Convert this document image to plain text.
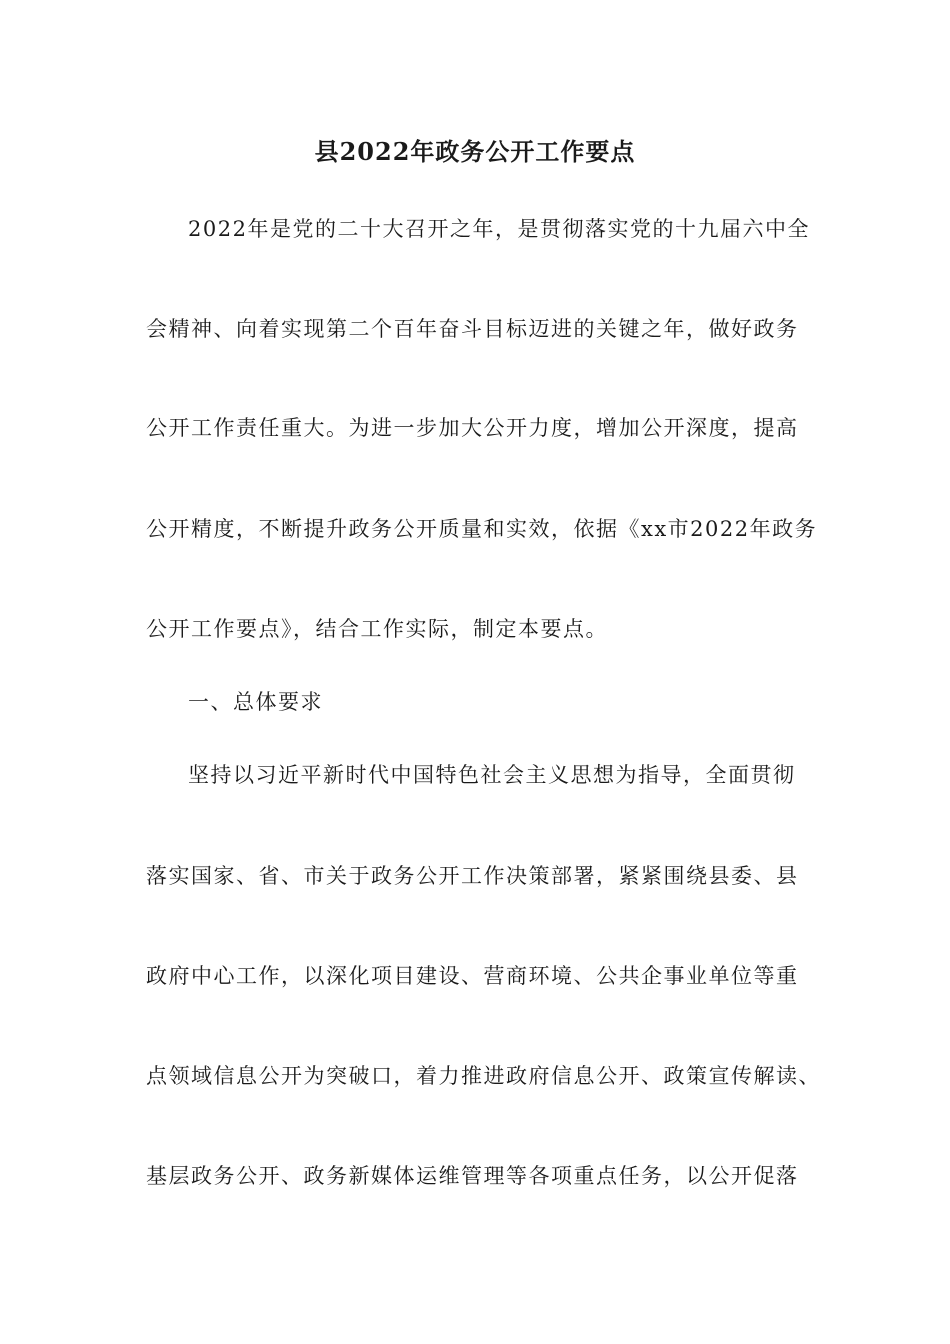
县2022年政务公开工作要点
2022年是党的二十大召开之年，是贯彻落实党的十九届六中全
会精神、向着实现第二个百年奋斗目标迈进的关键之年，做好政务
公开工作责任重大。为进一步加大公开力度，增加公开深度，提高
公开精度，不断提升政务公开质量和实效，依据《xx市2022年政务
公开工作要点》，结合工作实际，制定本要点。
一、总体要求
坚持以习近平新时代中国特色社会主义思想为指导，全面贯彻
落实国家、省、市关于政务公开工作决策部署，紧紧围绕县委、县
政府中心工作，以深化项目建设、营商环境、公共企事业单位等重
点领域信息公开为突破口，着力推进政府信息公开、政策宣传解读、
基层政务公开、政务新媒体运维管理等各项重点任务，以公开促落
